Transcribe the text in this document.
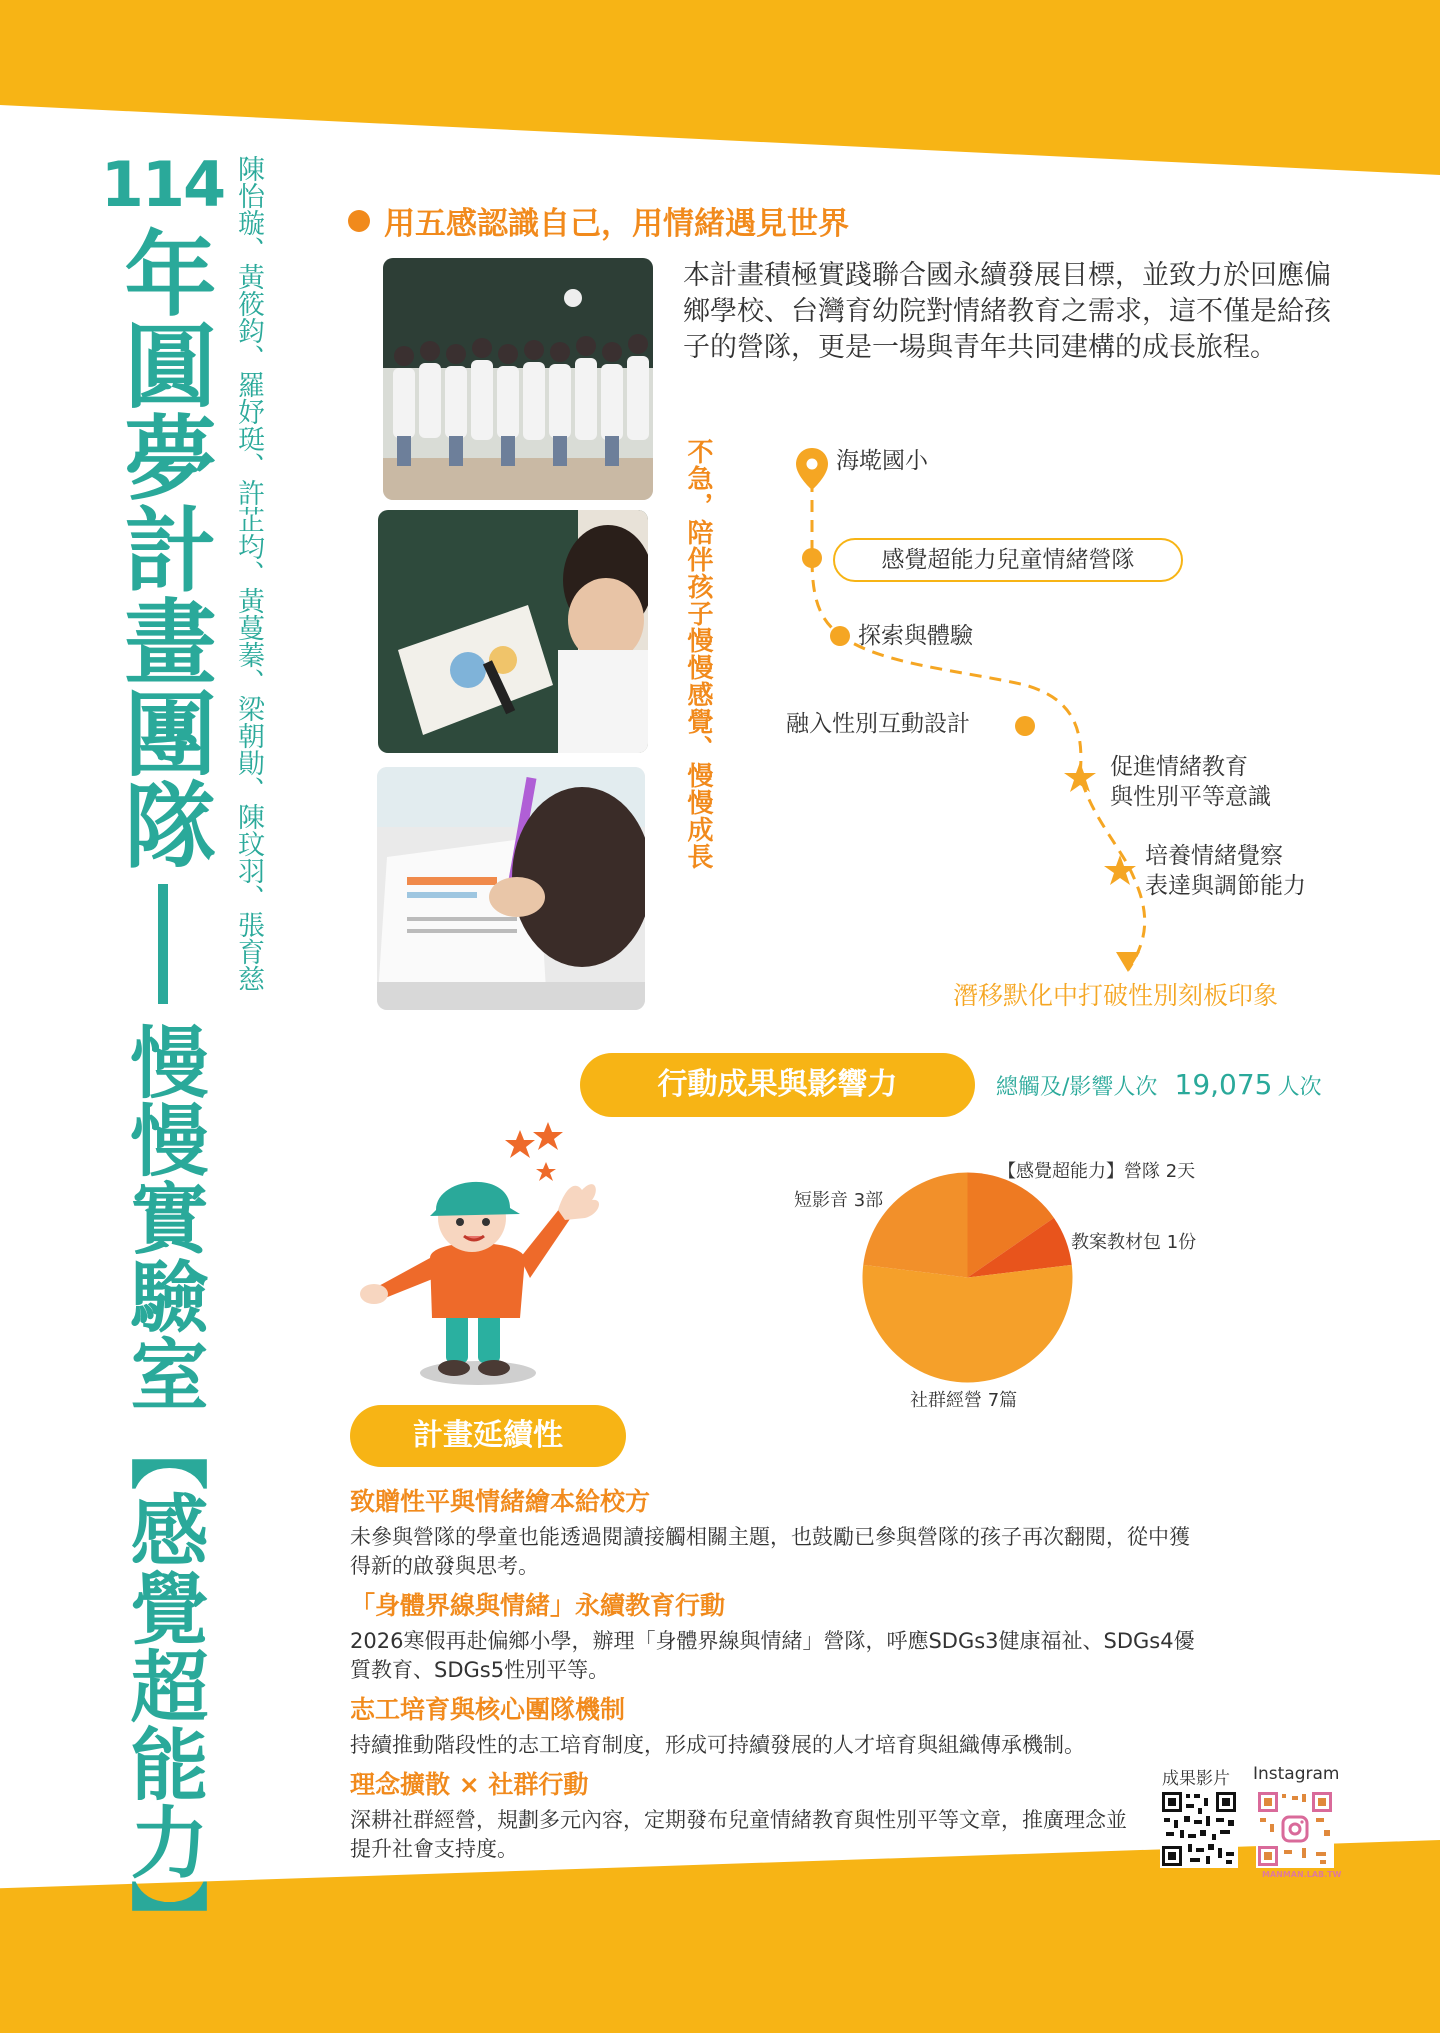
114
年圓夢計畫團隊
慢慢實驗室【感覺超能力】
陳怡璇、黃筱鈞、羅妤珽、許芷均、黃蔓蓁、梁朝勛、陳玟羽、張育慈	用五感認識自己，用情緒遇見世界
本計畫積極實踐聯合國永續發展目標，並致力於回應偏鄉學校、台灣育幼院對情緒教育之需求，這不僅是給孩子的營隊，更是一場與青年共同建構的成長旅程。
不急，陪伴孩子慢慢感覺、慢慢成長	海墘國小
感覺超能力兒童情緒營隊
探索與體驗
融入性別互動設計
促進情緒教育
與性別平等意識
培養情緒覺察
表達與調節能力
潛移默化中打破性別刻板印象
行動成果與影響力	總觸及/影響人次 19,075 人次
【感覺超能力】營隊 2天
教案教材包 1份
社群經營 7篇
短影音 3部
計畫延續性
致贈性平與情緒繪本給校方
未參與營隊的學童也能透過閱讀接觸相關主題，也鼓勵已參與營隊的孩子再次翻閱，從中獲得新的啟發與思考。
「身體界線與情緒」永續教育行動
2026寒假再赴偏鄉小學，辦理「身體界線與情緒」營隊，呼應SDGs3健康福祉、SDGs4優質教育、SDGs5性別平等。
志工培育與核心團隊機制
持續推動階段性的志工培育制度，形成可持續發展的人才培育與組織傳承機制。
理念擴散 × 社群行動
深耕社群經營，規劃多元內容，定期發布兒童情緒教育與性別平等文章，推廣理念並提升社會支持度。
成果影片 Instagram
MANMAN.LAB.TW
